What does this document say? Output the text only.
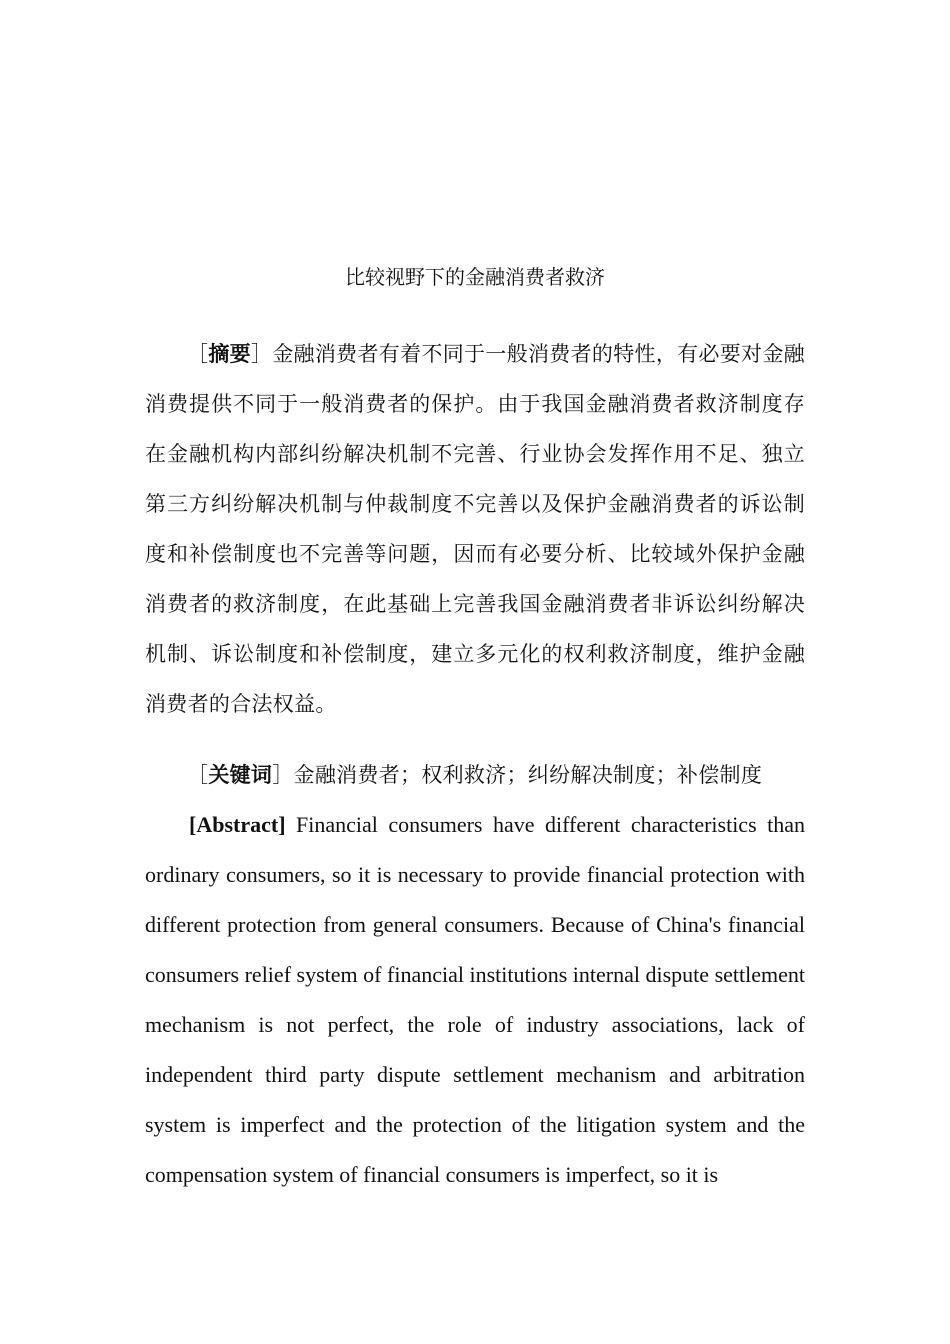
比较视野下的金融消费者救济

［摘要］金融消费者有着不同于一般消费者的特性，有必要对金融消费提供不同于一般消费者的保护。由于我国金融消费者救济制度存在金融机构内部纠纷解决机制不完善、行业协会发挥作用不足、独立第三方纠纷解决机制与仲裁制度不完善以及保护金融消费者的诉讼制度和补偿制度也不完善等问题，因而有必要分析、比较域外保护金融消费者的救济制度，在此基础上完善我国金融消费者非诉讼纠纷解决机制、诉讼制度和补偿制度，建立多元化的权利救济制度，维护金融消费者的合法权益。

［关键词］金融消费者；权利救济；纠纷解决制度；补偿制度

[Abstract] Financial consumers have different characteristics than ordinary consumers, so it is necessary to provide financial protection with different protection from general consumers. Because of China's financial consumers relief system of financial institutions internal dispute settlement mechanism is not perfect, the role of industry associations, lack of independent third party dispute settlement mechanism and arbitration system is imperfect and the protection of the litigation system and the compensation system of financial consumers is imperfect, so it is
